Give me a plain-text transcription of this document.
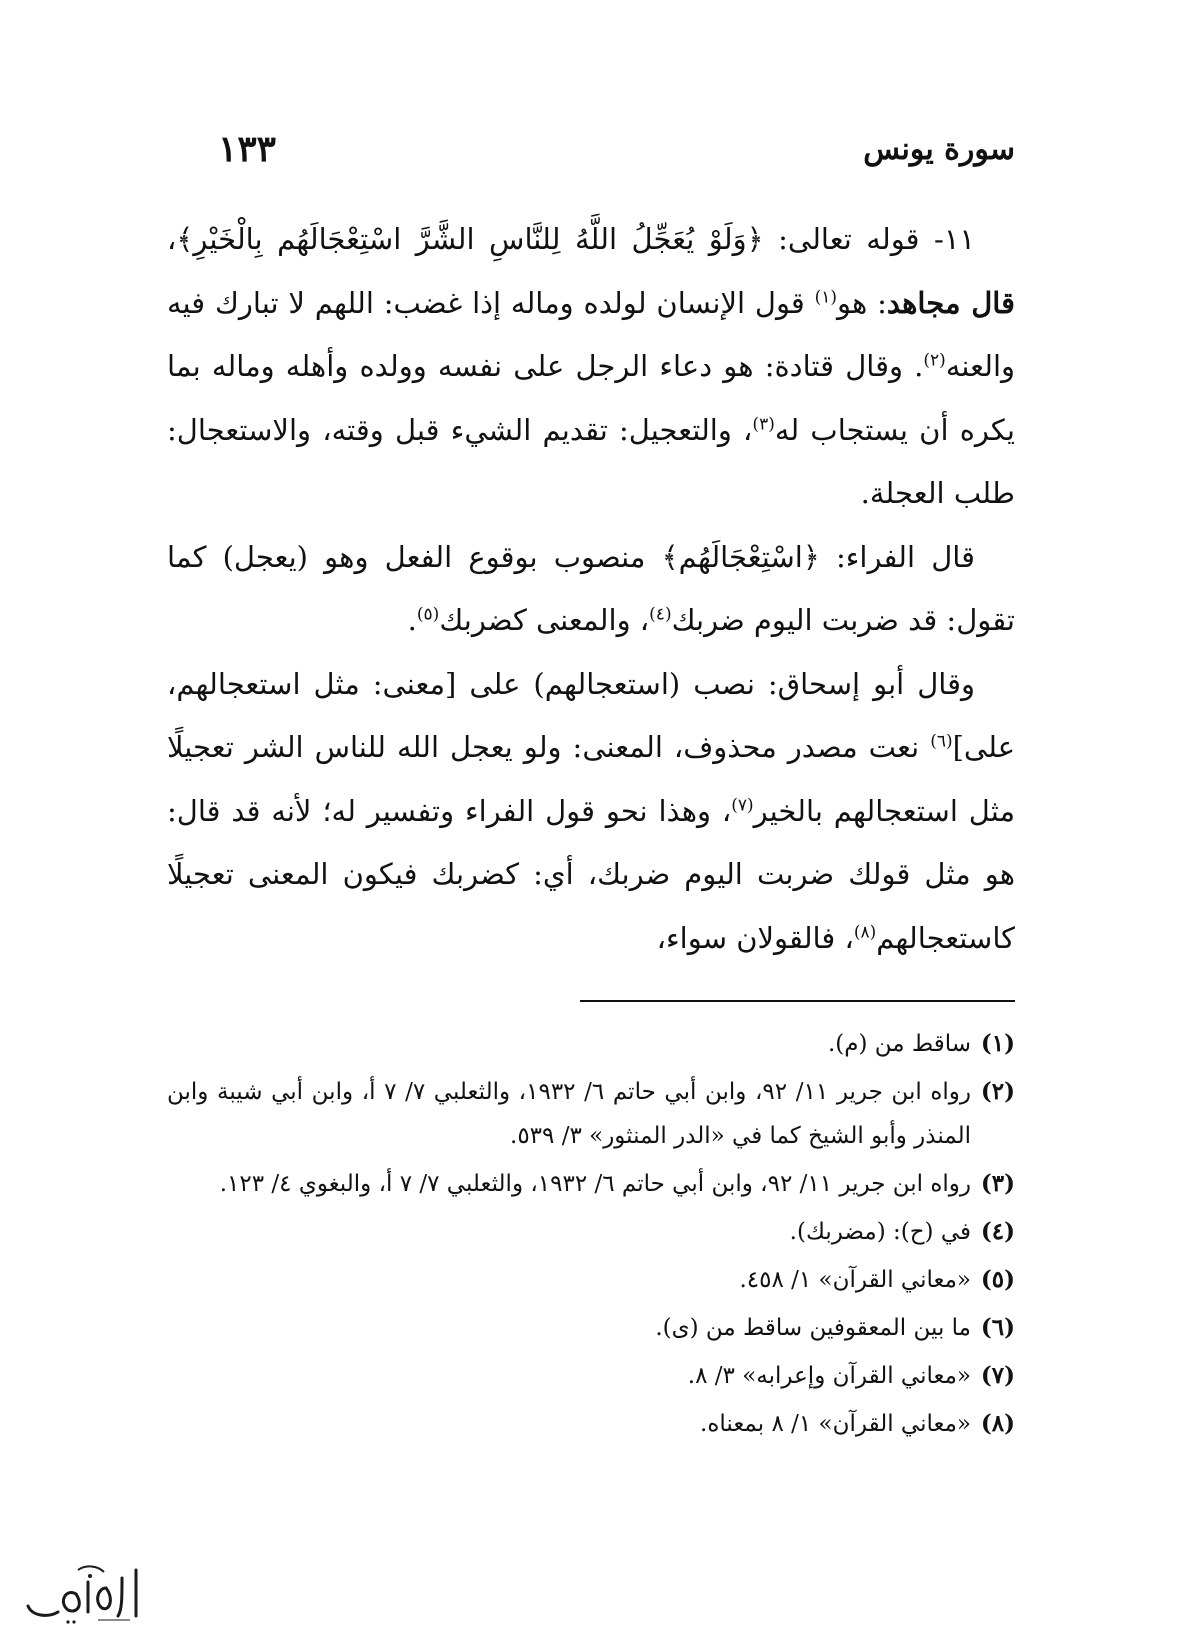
سورة يونس
١٣٣

١١- قوله تعالى: ﴿وَلَوْ يُعَجِّلُ اللَّهُ لِلنَّاسِ الشَّرَّ اسْتِعْجَالَهُم بِالْخَيْرِ﴾، قال مجاهد: هو$^{(١)}$ قول الإنسان لولده وماله إذا غضب: اللهم لا تبارك فيه والعنه$^{(٢)}$. وقال قتادة: هو دعاء الرجل على نفسه وولده وأهله وماله بما يكره أن يستجاب له$^{(٣)}$، والتعجيل: تقديم الشيء قبل وقته، والاستعجال: طلب العجلة.

قال الفراء: ﴿اسْتِعْجَالَهُم﴾ منصوب بوقوع الفعل وهو (يعجل) كما تقول: قد ضربت اليوم ضربك$^{(٤)}$، والمعنى كضربك$^{(٥)}$.

وقال أبو إسحاق: نصب (استعجالهم) على [معنى: مثل استعجالهم، على]$^{(٦)}$ نعت مصدر محذوف، المعنى: ولو يعجل الله للناس الشر تعجيلًا مثل استعجالهم بالخير$^{(٧)}$، وهذا نحو قول الفراء وتفسير له؛ لأنه قد قال: هو مثل قولك ضربت اليوم ضربك، أي: كضربك فيكون المعنى تعجيلًا كاستعجالهم$^{(٨)}$، فالقولان سواء،

(١)
ساقط من (م).
(٢)
رواه ابن جرير ١١/ ٩٢، وابن أبي حاتم ٦/ ١٩٣٢، والثعلبي ٧/ ٧ أ، وابن أبي شيبة وابن المنذر وأبو الشيخ كما في «الدر المنثور» ٣/ ٥٣٩.
(٣)
رواه ابن جرير ١١/ ٩٢، وابن أبي حاتم ٦/ ١٩٣٢، والثعلبي ٧/ ٧ أ، والبغوي ٤/ ١٢٣.
(٤)
في (ح): (مضربك).
(٥)
«معاني القرآن» ١/ ٤٥٨.
(٦)
ما بين المعقوفين ساقط من (ى).
(٧)
«معاني القرآن وإعرابه» ٣/ ٨.
(٨)
«معاني القرآن» ١/ ٨ بمعناه.
